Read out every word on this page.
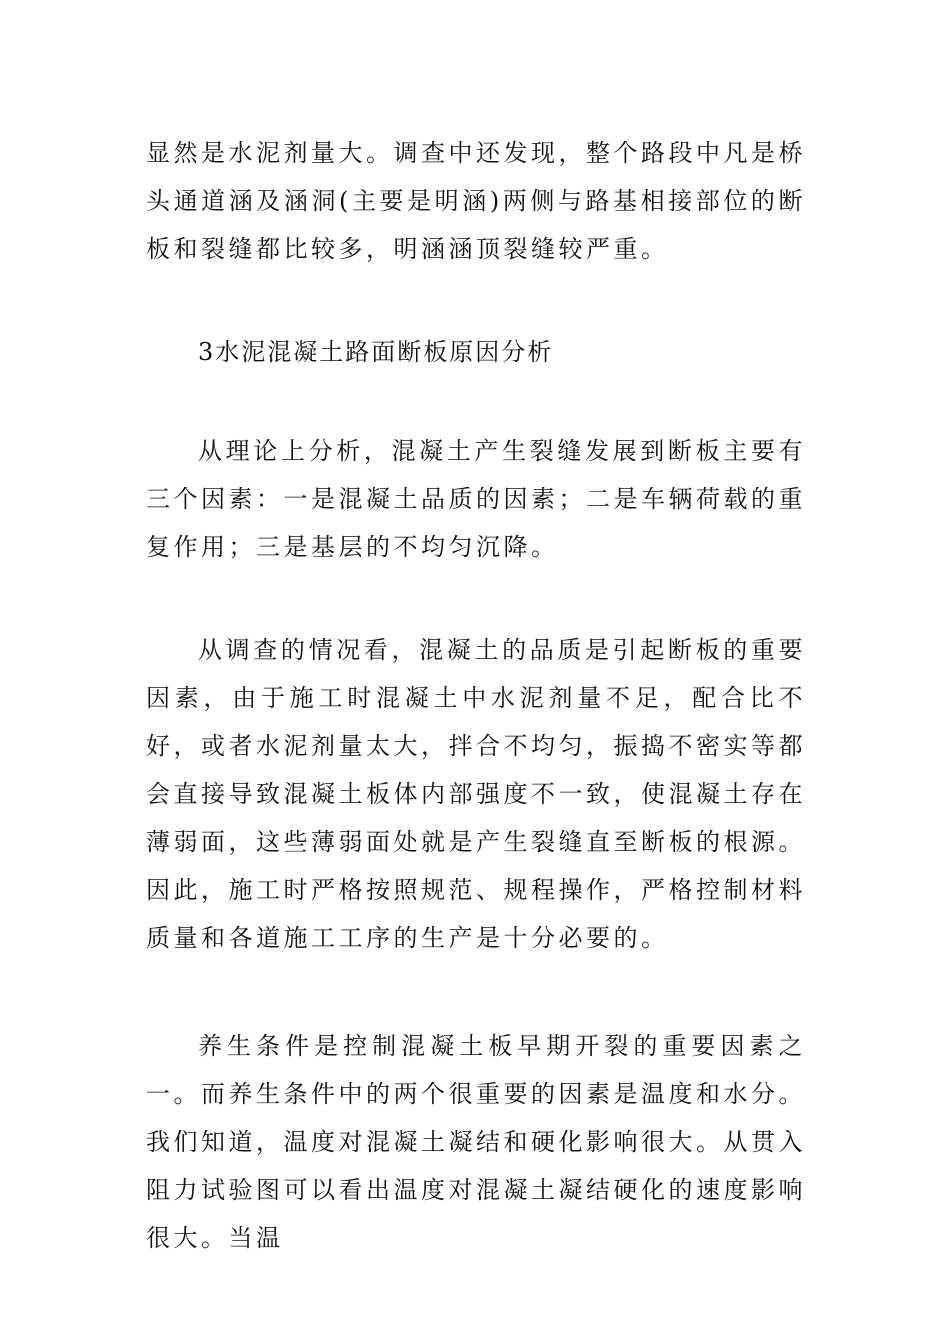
显然是水泥剂量大。调查中还发现，整个路段中凡是桥头通道涵及涵洞(主要是明涵)两侧与路基相接部位的断板和裂缝都比较多，明涵涵顶裂缝较严重。

3水泥混凝土路面断板原因分析

从理论上分析，混凝土产生裂缝发展到断板主要有三个因素：一是混凝土品质的因素；二是车辆荷载的重复作用；三是基层的不均匀沉降。

从调查的情况看，混凝土的品质是引起断板的重要因素，由于施工时混凝土中水泥剂量不足，配合比不好，或者水泥剂量太大，拌合不均匀，振捣不密实等都会直接导致混凝土板体内部强度不一致，使混凝土存在薄弱面，这些薄弱面处就是产生裂缝直至断板的根源。因此，施工时严格按照规范、规程操作，严格控制材料质量和各道施工工序的生产是十分必要的。

养生条件是控制混凝土板早期开裂的重要因素之一。而养生条件中的两个很重要的因素是温度和水分。我们知道，温度对混凝土凝结和硬化影响很大。从贯入阻力试验图可以看出温度对混凝土凝结硬化的速度影响很大。当温
